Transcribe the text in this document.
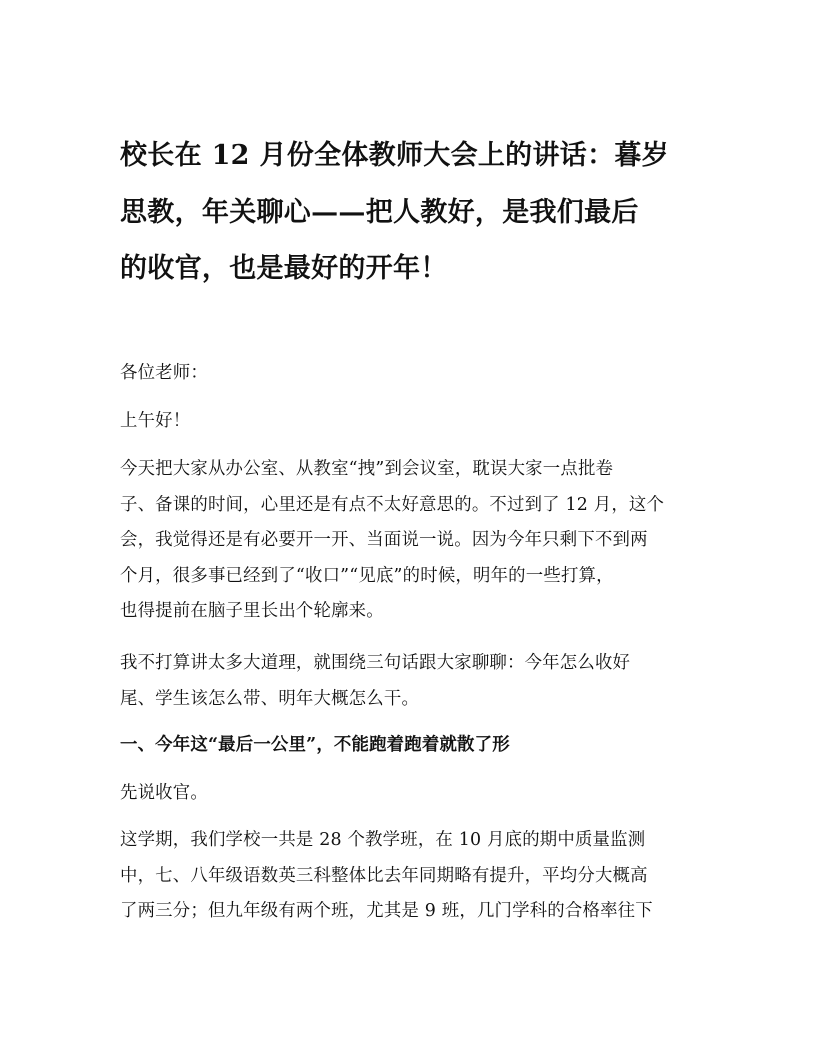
校长在 12 月份全体教师大会上的讲话：暮岁
思教，年关聊心——把人教好，是我们最后
的收官，也是最好的开年！
各位老师：
上午好！
今天把大家从办公室、从教室“拽”到会议室，耽误大家一点批卷
子、备课的时间，心里还是有点不太好意思的。不过到了 12 月，这个
会，我觉得还是有必要开一开、当面说一说。因为今年只剩下不到两
个月，很多事已经到了“收口”“见底”的时候，明年的一些打算，
也得提前在脑子里长出个轮廓来。
我不打算讲太多大道理，就围绕三句话跟大家聊聊：今年怎么收好
尾、学生该怎么带、明年大概怎么干。
一、今年这“最后一公里”，不能跑着跑着就散了形
先说收官。
这学期，我们学校一共是 28 个教学班，在 10 月底的期中质量监测
中，七、八年级语数英三科整体比去年同期略有提升，平均分大概高
了两三分；但九年级有两个班，尤其是 9 班，几门学科的合格率往下
